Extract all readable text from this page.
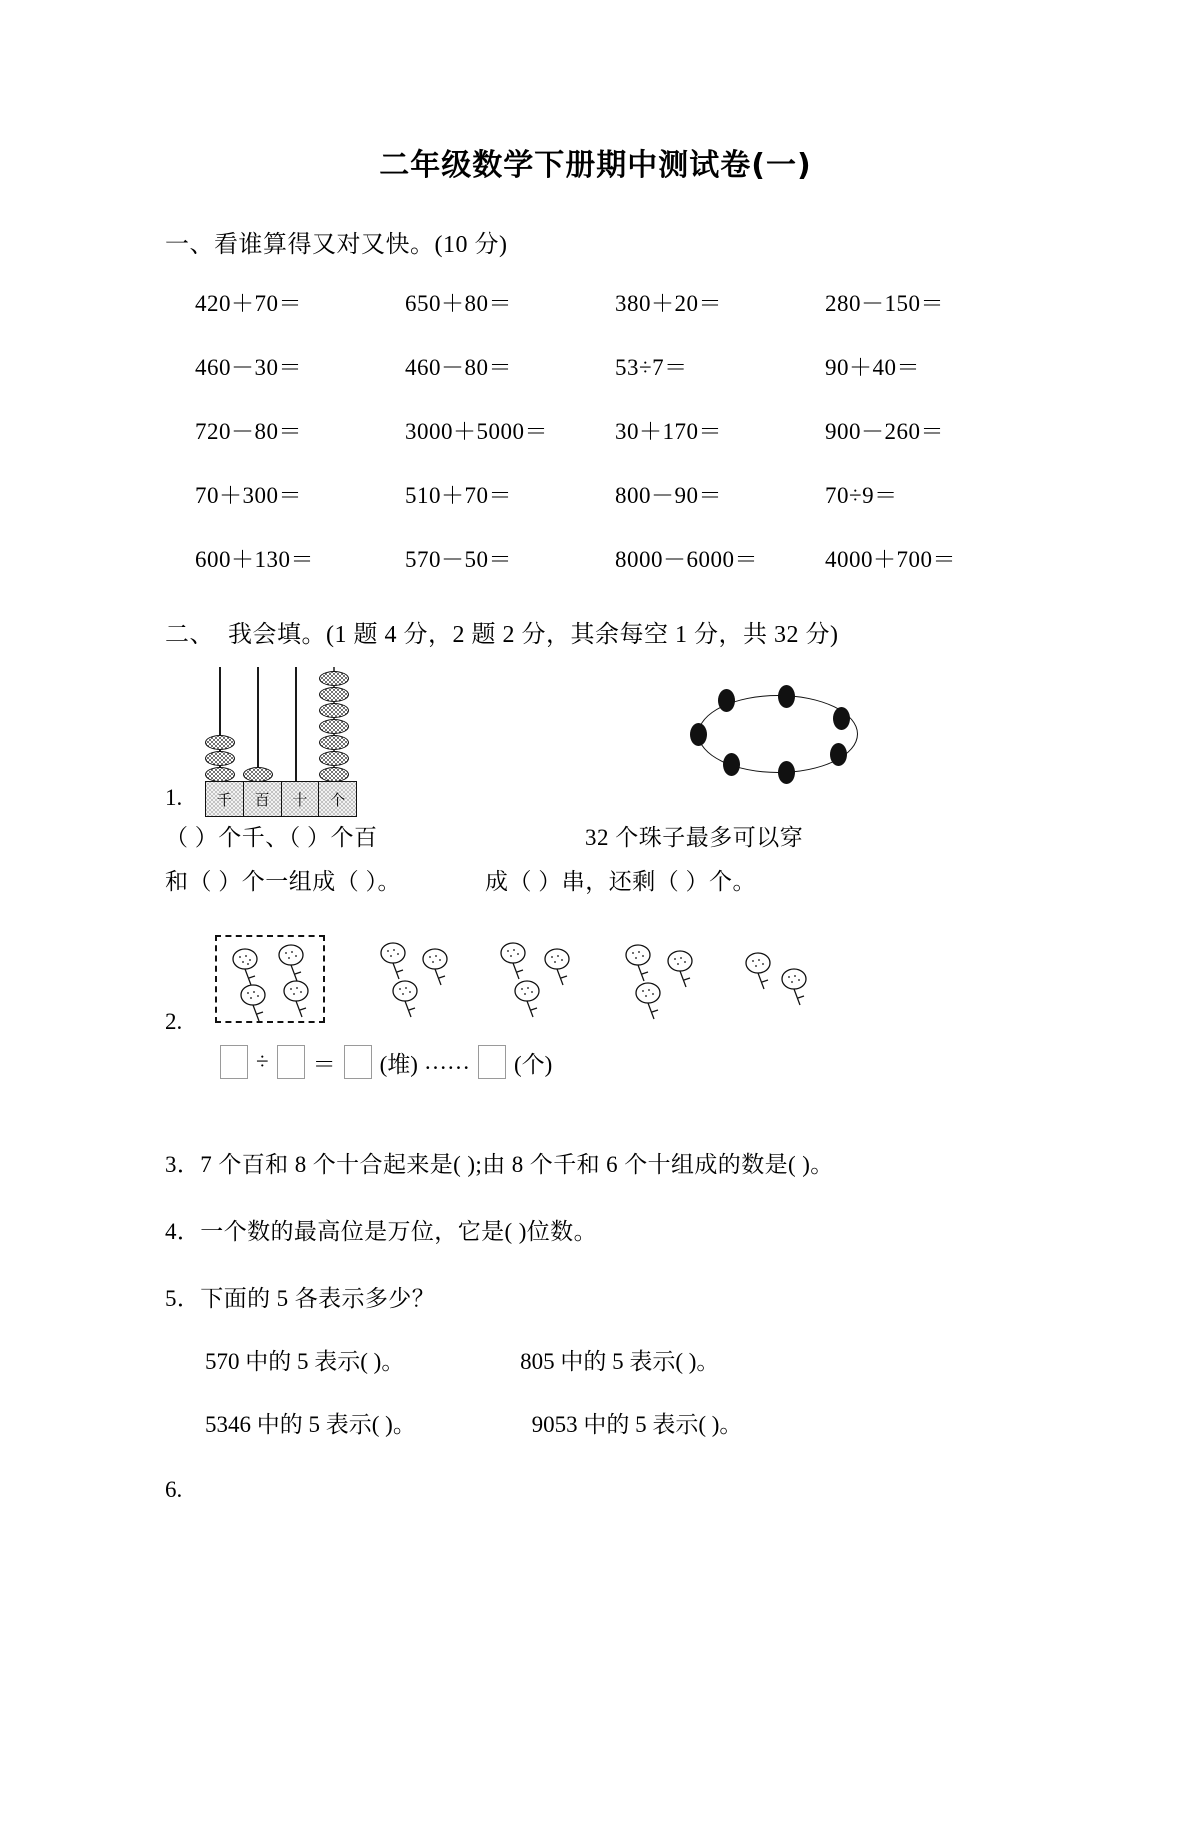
二年级数学下册期中测试卷(一)
一、看谁算得又对又快。(10 分)
420＋70＝	650＋80＝	380＋20＝	280－150＝
460－30＝	460－80＝	53÷7＝	90＋40＝
720－80＝	3000＋5000＝	30＋170＝	900－260＝
70＋300＝	510＋70＝	800－90＝	70÷9＝
600＋130＝	570－50＝	8000－6000＝	4000＋700＝
二、 我会填。(1 题 4 分，2 题 2 分，其余每空 1 分，共 32 分)
千	百	十	个
1.
（ ）个千、（ ）个百	32 个珠子最多可以穿
和（ ）个一组成（ ）。	成（ ）串，还剩（ ）个。
2.
÷ ＝ (堆) …… (个)
3．7 个百和 8 个十合起来是( );由 8 个千和 6 个十组成的数是( )。
4．一个数的最高位是万位，它是( )位数。
5．下面的 5 各表示多少？
570 中的 5 表示( )。	805 中的 5 表示( )。
5346 中的 5 表示( )。	9053 中的 5 表示( )。
6.
